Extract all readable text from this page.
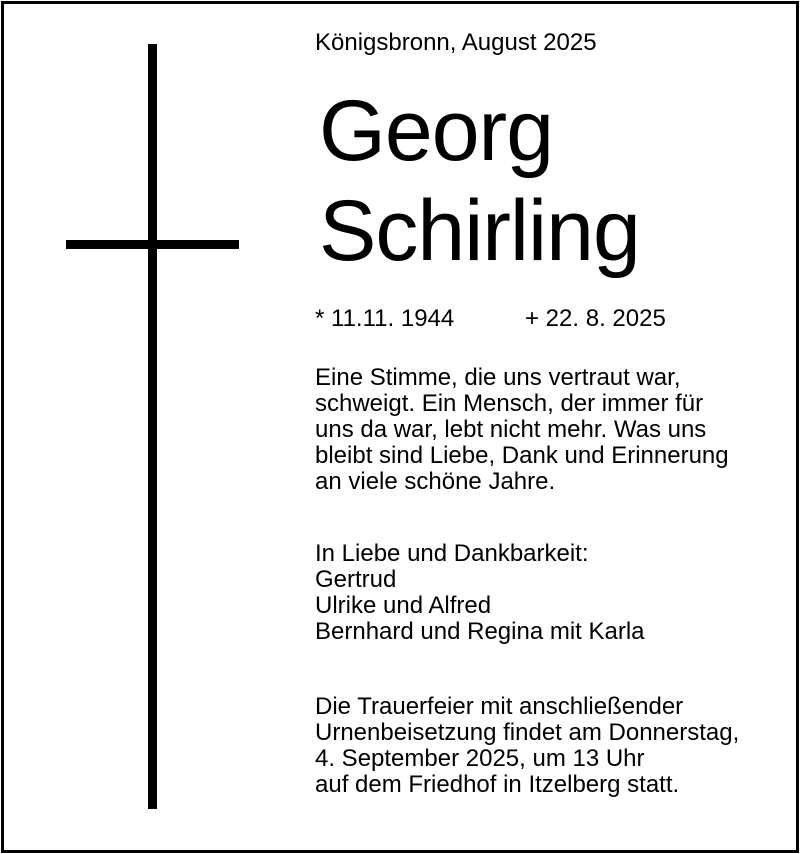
Königsbronn, August 2025
Georg
Schirling
* 11.11. 1944	+ 22. 8. 2025
Eine Stimme, die uns vertraut war,
schweigt. Ein Mensch, der immer für
uns da war, lebt nicht mehr. Was uns
bleibt sind Liebe, Dank und Erinnerung
an viele schöne Jahre.
In Liebe und Dankbarkeit:
Gertrud
Ulrike und Alfred
Bernhard und Regina mit Karla
Die Trauerfeier mit anschließender
Urnenbeisetzung findet am Donnerstag,
4. September 2025, um 13 Uhr
auf dem Friedhof in Itzelberg statt.
